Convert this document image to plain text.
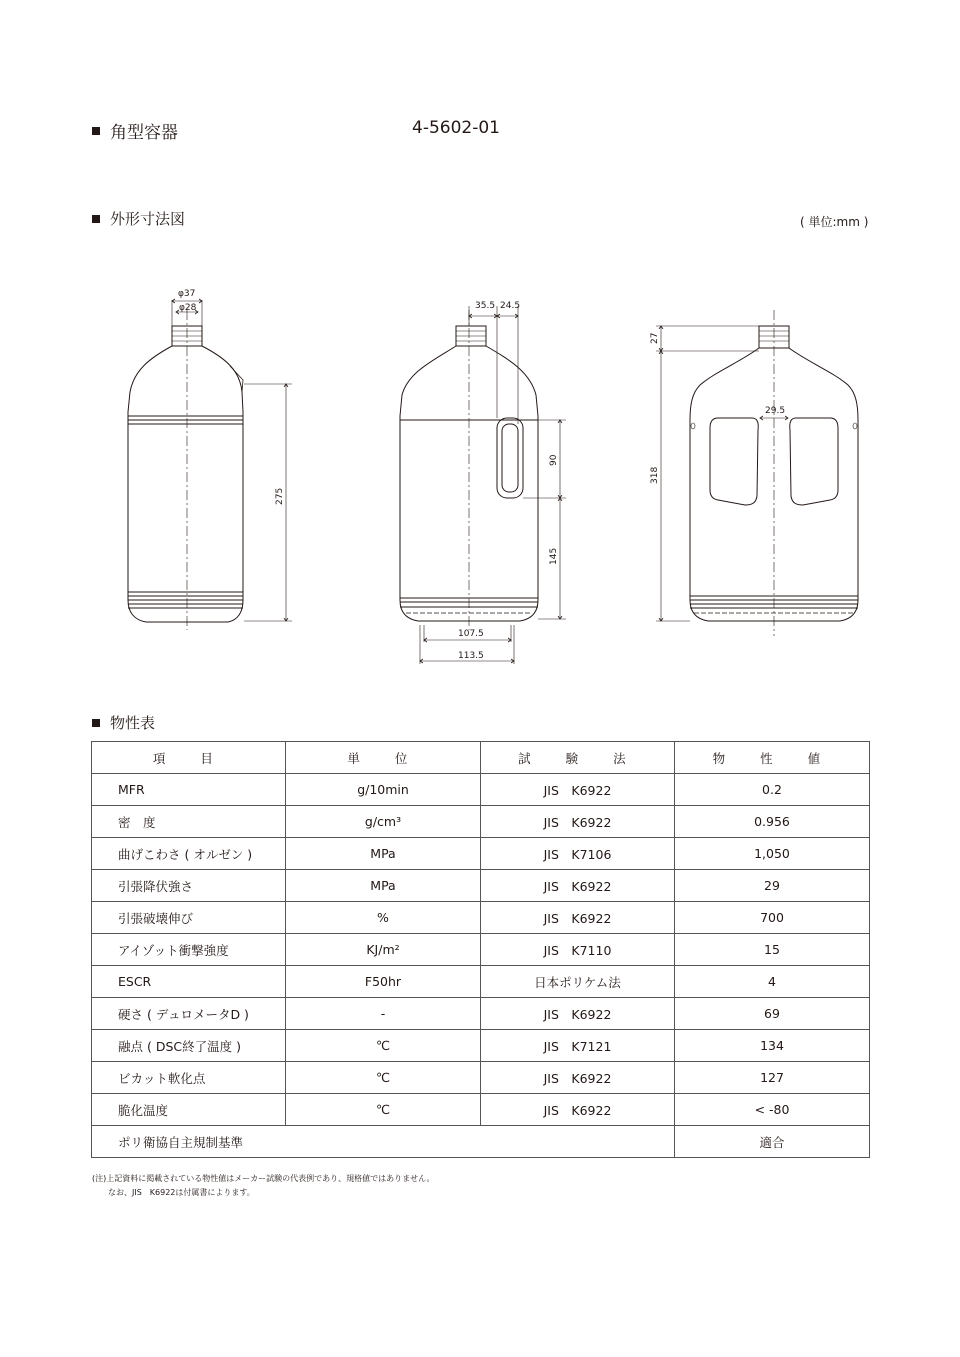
角型容器	4-5602-01
外形寸法図	( 単位:mm )
φ37
φ28
275
35.5 24.5
90
145
107.5
113.5
27
318
29.5
物性表
項　目	単　位	試　験　法	物　性　値
MFR	g/10min	JIS　K6922	0.2
密　度	g/cm³	JIS　K6922	0.956
曲げこわさ ( オルゼン )	MPa	JIS　K7106	1,050
引張降伏強さ	MPa	JIS　K6922	29
引張破壊伸び	%	JIS　K6922	700
アイゾット衝撃強度	KJ/m²	JIS　K7110	15
ESCR	F50hr	日本ポリケム法	4
硬さ ( デュロメータD )	-	JIS　K6922	69
融点 ( DSC終了温度 )	℃	JIS　K7121	134
ビカット軟化点	℃	JIS　K6922	127
脆化温度	℃	JIS　K6922	< -80
ポリ衛協自主規制基準			適合
(注)上記資料に掲載されている物性値はメーカー試験の代表例であり、規格値ではありません。
なお、JIS　K6922は付属書によります。
